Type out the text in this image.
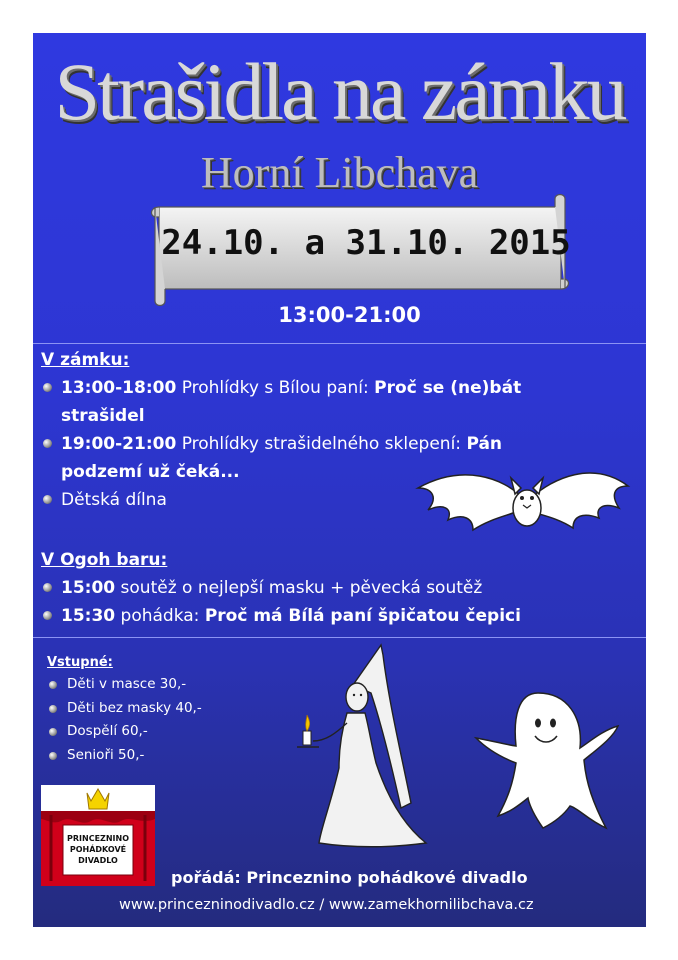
Strašidla na zámku
Horní Libchava
24.10. a 31.10. 2015
13:00-21:00
V zámku:
13:00-18:00 Prohlídky s Bílou paní: Proč se (ne)bát strašidel
19:00-21:00 Prohlídky strašidelného sklepení: Pán podzemí už čeká...
Dětská dílna
V Ogoh baru:
15:00 soutěž o nejlepší masku + pěvecká soutěž
15:30 pohádka: Proč má Bílá paní špičatou čepici
Vstupné:
Děti v masce 30,-
Děti bez masky 40,-
Dospělí 60,-
Senioři 50,-
PRINCEZNINO
POHÁDKOVÉ
DIVADLO
pořádá: Princeznino pohádkové divadlo
www.princezninodivadlo.cz / www.zamekhornilibchava.cz
